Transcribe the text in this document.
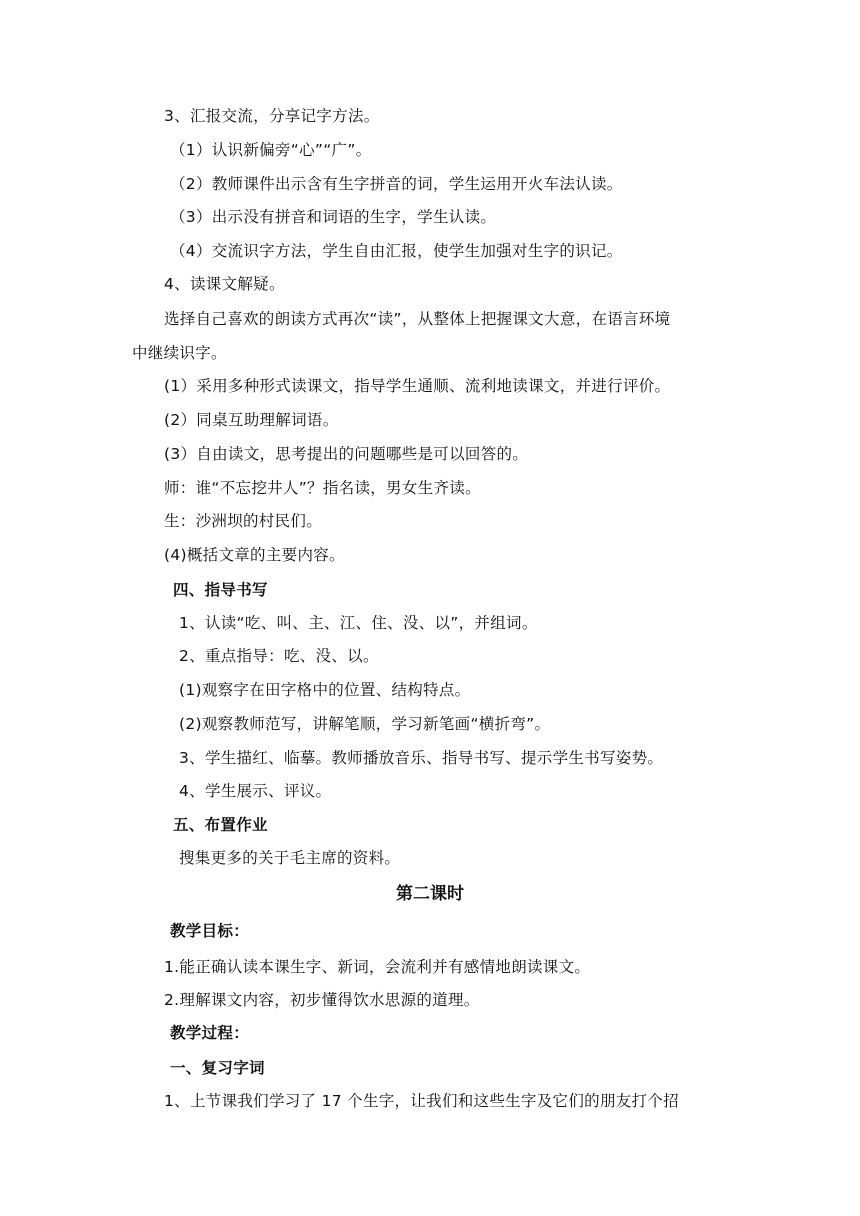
3、汇报交流，分享记字方法。
（1）认识新偏旁“心”“广”。
（2）教师课件出示含有生字拼音的词，学生运用开火车法认读。
（3）出示没有拼音和词语的生字，学生认读。
（4）交流识字方法，学生自由汇报，使学生加强对生字的识记。
4、读课文解疑。
选择自己喜欢的朗读方式再次“读”，从整体上把握课文大意，在语言环境
中继续识字。
(1）采用多种形式读课文，指导学生通顺、流利地读课文，并进行评价。
(2）同桌互助理解词语。
(3）自由读文，思考提出的问题哪些是可以回答的。
师：谁“不忘挖井人”？指名读，男女生齐读。
生：沙洲坝的村民们。
(4)概括文章的主要内容。
四、指导书写
1、认读“吃、叫、主、江、住、没、以”，并组词。
2、重点指导：吃、没、以。
(1)观察字在田字格中的位置、结构特点。
(2)观察教师范写，讲解笔顺，学习新笔画“横折弯”。
3、学生描红、临摹。教师播放音乐、指导书写、提示学生书写姿势。
4、学生展示、评议。
五、布置作业
搜集更多的关于毛主席的资料。
第二课时
教学目标：
1.能正确认读本课生字、新词，会流利并有感情地朗读课文。
2.理解课文内容，初步懂得饮水思源的道理。
教学过程：
一、复习字词
1、上节课我们学习了 17 个生字，让我们和这些生字及它们的朋友打个招
